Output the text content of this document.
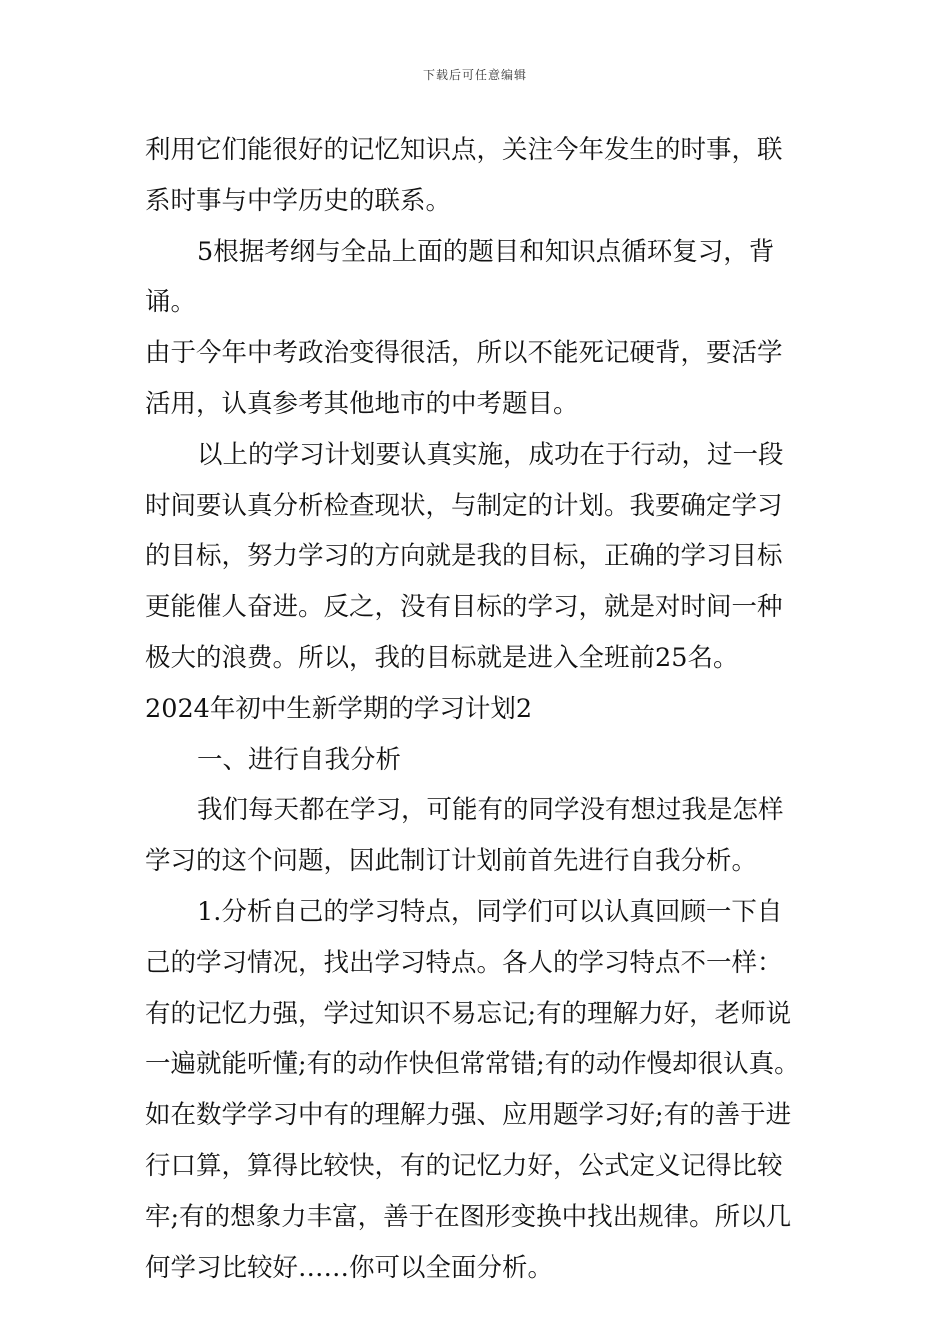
下载后可任意编辑

利用它们能很好的记忆知识点，关注今年发生的时事，联
系时事与中学历史的联系。

5根据考纲与全品上面的题目和知识点循环复习，背诵。
由于今年中考政治变得很活，所以不能死记硬背，要活学
活用，认真参考其他地市的中考题目。

以上的学习计划要认真实施，成功在于行动，过一段
时间要认真分析检查现状，与制定的计划。我要确定学习
的目标，努力学习的方向就是我的目标，正确的学习目标
更能催人奋进。反之，没有目标的学习，就是对时间一种
极大的浪费。所以，我的目标就是进入全班前25名。

2024年初中生新学期的学习计划2

一、进行自我分析

我们每天都在学习，可能有的同学没有想过我是怎样
学习的这个问题，因此制订计划前首先进行自我分析。

1.分析自己的学习特点，同学们可以认真回顾一下自
己的学习情况，找出学习特点。各人的学习特点不一样：
有的记忆力强，学过知识不易忘记;有的理解力好，老师说
一遍就能听懂;有的动作快但常常错;有的动作慢却很认真。
如在数学学习中有的理解力强、应用题学习好;有的善于进
行口算，算得比较快，有的记忆力好，公式定义记得比较
牢;有的想象力丰富，善于在图形变换中找出规律。所以几
何学习比较好……你可以全面分析。
